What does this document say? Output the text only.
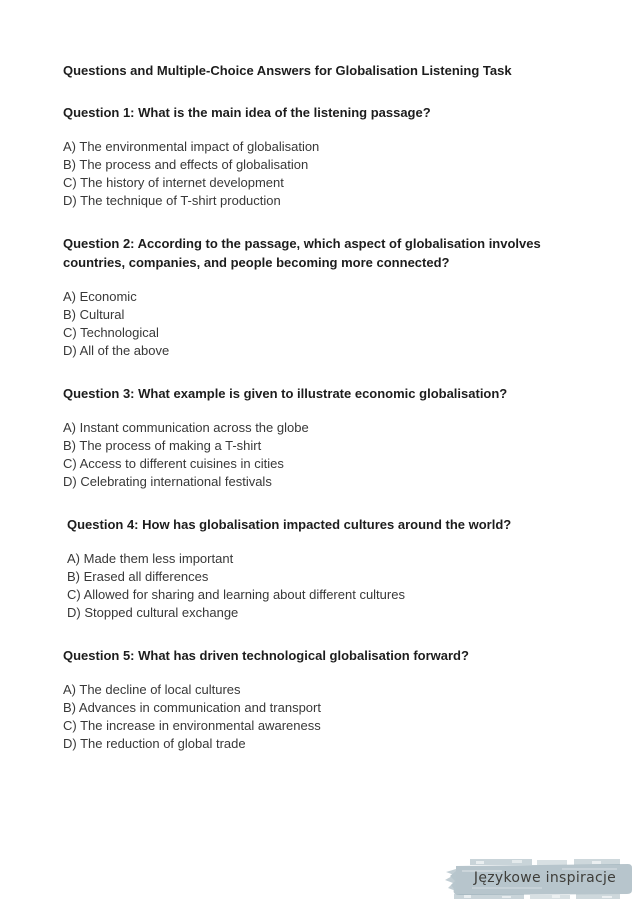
Questions and Multiple-Choice Answers for Globalisation Listening Task
Question 1: What is the main idea of the listening passage?
A) The environmental impact of globalisation
B) The process and effects of globalisation
C) The history of internet development
D) The technique of T-shirt production
Question 2: According to the passage, which aspect of globalisation involves countries, companies, and people becoming more connected?
A) Economic
B) Cultural
C) Technological
D) All of the above
Question 3: What example is given to illustrate economic globalisation?
A) Instant communication across the globe
B) The process of making a T-shirt
C) Access to different cuisines in cities
D) Celebrating international festivals
Question 4: How has globalisation impacted cultures around the world?
A) Made them less important
B) Erased all differences
C) Allowed for sharing and learning about different cultures
D) Stopped cultural exchange
Question 5: What has driven technological globalisation forward?
A) The decline of local cultures
B) Advances in communication and transport
C) The increase in environmental awareness
D) The reduction of global trade
Językowe inspiracje
